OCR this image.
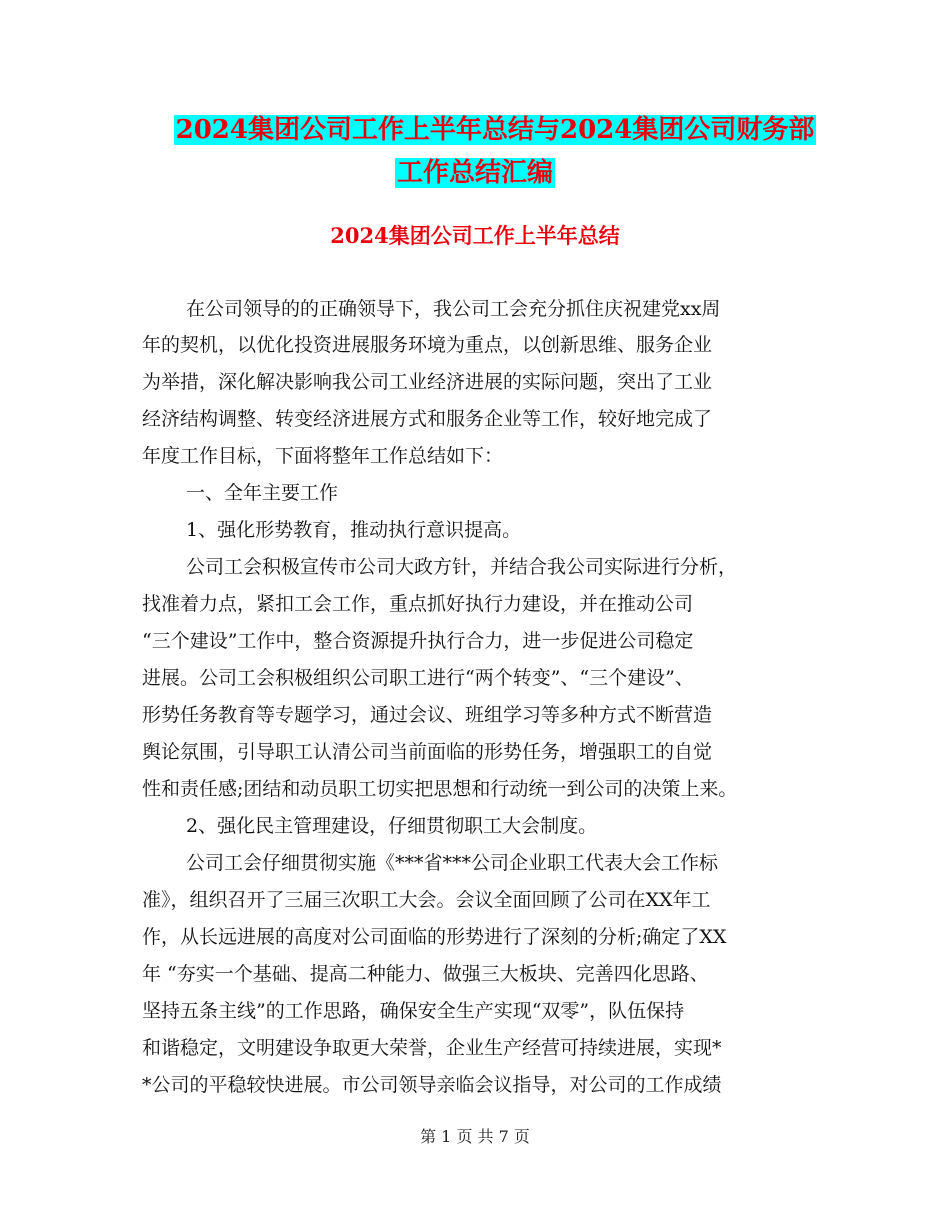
2024集团公司工作上半年总结与2024集团公司财务部
工作总结汇编
2024集团公司工作上半年总结
在公司领导的的正确领导下，我公司工会充分抓住庆祝建党xx周
年的契机，以优化投资进展服务环境为重点，以创新思维、服务企业
为举措，深化解决影响我公司工业经济进展的实际问题，突出了工业
经济结构调整、转变经济进展方式和服务企业等工作，较好地完成了
年度工作目标，下面将整年工作总结如下：
一、全年主要工作
1、强化形势教育，推动执行意识提高。
公司工会积极宣传市公司大政方针，并结合我公司实际进行分析，
找准着力点，紧扣工会工作，重点抓好执行力建设，并在推动公司
“三个建设”工作中，整合资源提升执行合力，进一步促进公司稳定
进展。公司工会积极组织公司职工进行“两个转变”、“三个建设”、
形势任务教育等专题学习，通过会议、班组学习等多种方式不断营造
舆论氛围，引导职工认清公司当前面临的形势任务，增强职工的自觉
性和责任感;团结和动员职工切实把思想和行动统一到公司的决策上来。
2、强化民主管理建设，仔细贯彻职工大会制度。
公司工会仔细贯彻实施《***省***公司企业职工代表大会工作标
准》，组织召开了三届三次职工大会。会议全面回顾了公司在XX年工
作，从长远进展的高度对公司面临的形势进行了深刻的分析;确定了XX
年 “夯实一个基础、提高二种能力、做强三大板块、完善四化思路、
坚持五条主线”的工作思路，确保安全生产实现“双零”，队伍保持
和谐稳定，文明建设争取更大荣誉，企业生产经营可持续进展，实现*
*公司的平稳较快进展。市公司领导亲临会议指导，对公司的工作成绩
第 1 页 共 7 页
